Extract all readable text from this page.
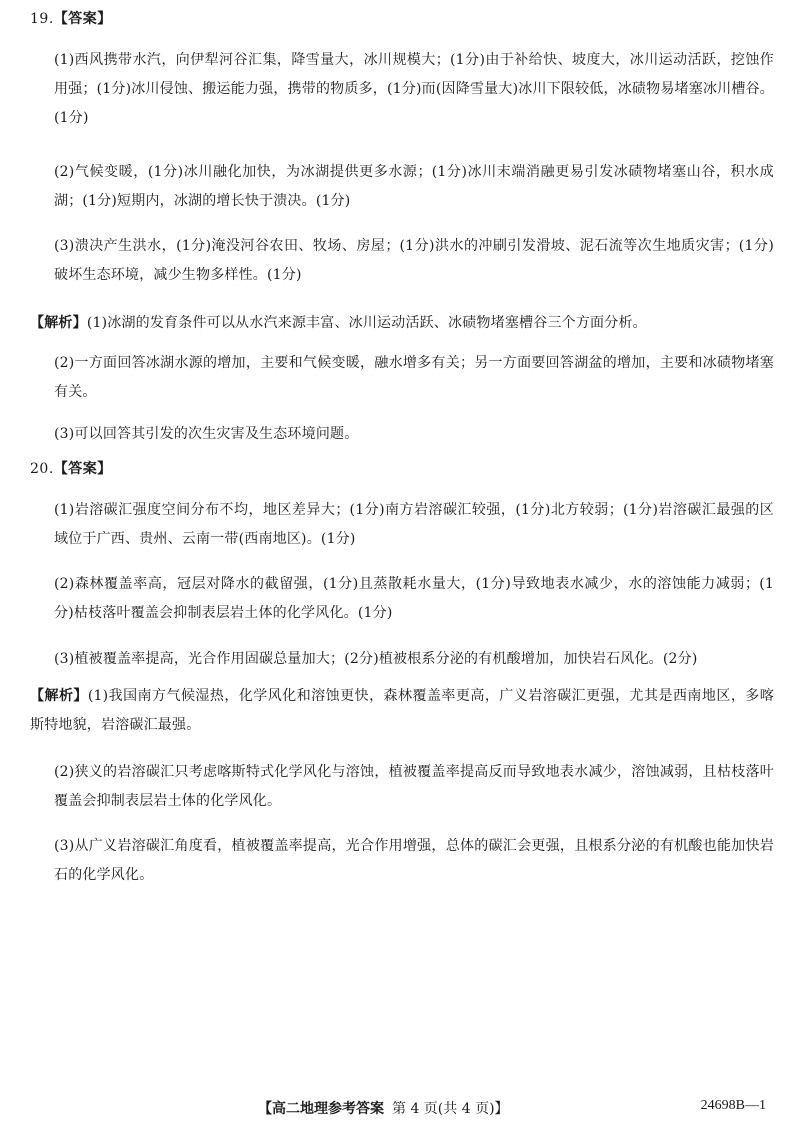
19.【答案】
(1)西风携带水汽，向伊犁河谷汇集，降雪量大，冰川规模大；(1分)由于补给快、坡度大，冰川运动活跃，挖蚀作用强；(1分)冰川侵蚀、搬运能力强，携带的物质多，(1分)而(因降雪量大)冰川下限较低，冰碛物易堵塞冰川槽谷。(1分)
(2)气候变暖，(1分)冰川融化加快，为冰湖提供更多水源；(1分)冰川末端消融更易引发冰碛物堵塞山谷，积水成湖；(1分)短期内，冰湖的增长快于溃决。(1分)
(3)溃决产生洪水，(1分)淹没河谷农田、牧场、房屋；(1分)洪水的冲刷引发滑坡、泥石流等次生地质灾害；(1分)破坏生态环境，减少生物多样性。(1分)
【解析】(1)冰湖的发育条件可以从水汽来源丰富、冰川运动活跃、冰碛物堵塞槽谷三个方面分析。
(2)一方面回答冰湖水源的增加，主要和气候变暖，融水增多有关；另一方面要回答湖盆的增加，主要和冰碛物堵塞有关。
(3)可以回答其引发的次生灾害及生态环境问题。
20.【答案】
(1)岩溶碳汇强度空间分布不均，地区差异大；(1分)南方岩溶碳汇较强，(1分)北方较弱；(1分)岩溶碳汇最强的区域位于广西、贵州、云南一带(西南地区)。(1分)
(2)森林覆盖率高，冠层对降水的截留强，(1分)且蒸散耗水量大，(1分)导致地表水减少，水的溶蚀能力减弱；(1分)枯枝落叶覆盖会抑制表层岩土体的化学风化。(1分)
(3)植被覆盖率提高，光合作用固碳总量加大；(2分)植被根系分泌的有机酸增加，加快岩石风化。(2分)
【解析】(1)我国南方气候湿热，化学风化和溶蚀更快，森林覆盖率更高，广义岩溶碳汇更强，尤其是西南地区，多喀斯特地貌，岩溶碳汇最强。
(2)狭义的岩溶碳汇只考虑喀斯特式化学风化与溶蚀，植被覆盖率提高反而导致地表水减少，溶蚀减弱，且枯枝落叶覆盖会抑制表层岩土体的化学风化。
(3)从广义岩溶碳汇角度看，植被覆盖率提高，光合作用增强，总体的碳汇会更强，且根系分泌的有机酸也能加快岩石的化学风化。
【高二地理参考答案 第 4 页(共 4 页)】	24698B—1
